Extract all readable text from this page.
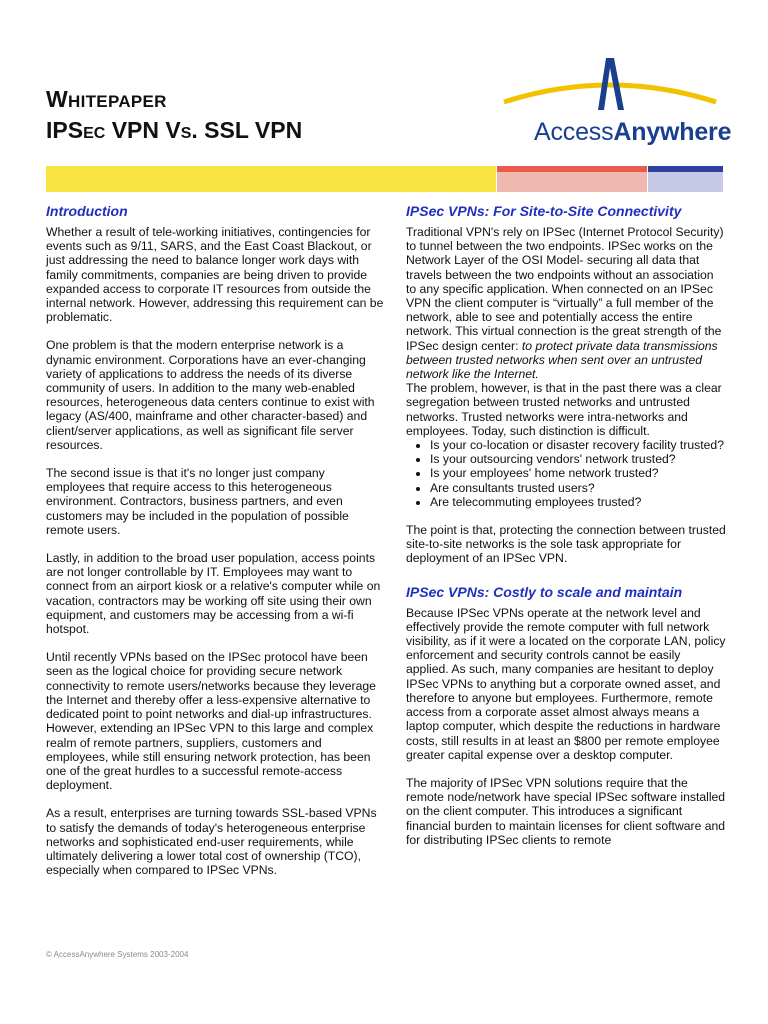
WHITEPAPER
IPSEC VPN VS. SSL VPN	AccessAnywhere
Introduction

Whether a result of tele-working initiatives, contingencies for events such as 9/11, SARS, and the East Coast Blackout, or just addressing the need to balance longer work days with family commitments, companies are being driven to provide expanded access to corporate IT resources from outside the internal network. However, addressing this requirement can be problematic.

One problem is that the modern enterprise network is a dynamic environment. Corporations have an ever-changing variety of applications to address the needs of its diverse community of users. In addition to the many web-enabled resources, heterogeneous data centers continue to exist with legacy (AS/400, mainframe and other character-based) and client/server applications, as well as significant file server resources.

The second issue is that it's no longer just company employees that require access to this heterogeneous environment. Contractors, business partners, and even customers may be included in the population of possible remote users.

Lastly, in addition to the broad user population, access points are not longer controllable by IT. Employees may want to connect from an airport kiosk or a relative's computer while on vacation, contractors may be working off site using their own equipment, and customers may be accessing from a wi-fi hotspot.

Until recently VPNs based on the IPSec protocol have been seen as the logical choice for providing secure network connectivity to remote users/networks because they leverage the Internet and thereby offer a less-expensive alternative to dedicated point to point networks and dial-up infrastructures. However, extending an IPSec VPN to this large and complex realm of remote partners, suppliers, customers and employees, while still ensuring network protection, has been one of the great hurdles to a successful remote-access deployment.

As a result, enterprises are turning towards SSL-based VPNs to satisfy the demands of today's heterogeneous enterprise networks and sophisticated end-user requirements, while ultimately delivering a lower total cost of ownership (TCO), especially when compared to IPSec VPNs.

IPSec VPNs: For Site-to-Site Connectivity

Traditional VPN's rely on IPSec (Internet Protocol Security) to tunnel between the two endpoints. IPSec works on the Network Layer of the OSI Model- securing all data that travels between the two endpoints without an association to any specific application. When connected on an IPSec VPN the client computer is “virtually” a full member of the network, able to see and potentially access the entire network. This virtual connection is the great strength of the IPSec design center: to protect private data transmissions between trusted networks when sent over an untrusted network like the Internet.

The problem, however, is that in the past there was a clear segregation between trusted networks and untrusted networks. Trusted networks were intra-networks and employees. Today, such distinction is difficult.

• Is your co-location or disaster recovery facility trusted?
• Is your outsourcing vendors' network trusted?
• Is your employees' home network trusted?
• Are consultants trusted users?
• Are telecommuting employees trusted?

The point is that, protecting the connection between trusted site-to-site networks is the sole task appropriate for deployment of an IPSec VPN.

IPSec VPNs: Costly to scale and maintain

Because IPSec VPNs operate at the network level and effectively provide the remote computer with full network visibility, as if it were a located on the corporate LAN, policy enforcement and security controls cannot be easily applied. As such, many companies are hesitant to deploy IPSec VPNs to anything but a corporate owned asset, and therefore to anyone but employees. Furthermore, remote access from a corporate asset almost always means a laptop computer, which despite the reductions in hardware costs, still results in at least an $800 per remote employee greater capital expense over a desktop computer.

The majority of IPSec VPN solutions require that the remote node/network have special IPSec software installed on the client computer. This introduces a significant financial burden to maintain licenses for client software and for distributing IPSec clients to remote

© AccessAnywhere Systems 2003-2004
